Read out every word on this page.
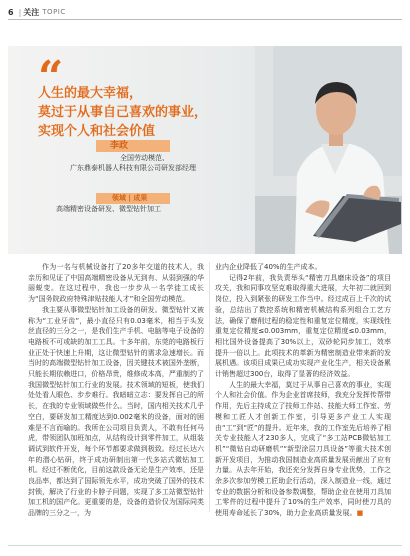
6 | 关注 TOPIC
“
人生的最大幸福，
莫过于从事自己喜欢的事业，
实现个人和社会价值
李政
全国劳动模范、
广东鼎泰机器人科技有限公司研发部经理
领域 | 成果
高端精密设备研发、微型钻针加工

作为一名与机械设备打了20多年交道的技术人，我亲历和见证了中国高端精密设备从无到有、从弱到强的华丽蜕变。在这过程中，我也一步步从一名学徒工成长为“国务院政府特殊津贴技能人才”和全国劳动模范。

我主要从事微型钻针加工设备的研发。微型钻针又被称为“工业牙齿”，最小直径只有0.03毫米，相当于头发丝直径的三分之一，是我们生产手机、电脑等电子设备的电路板不可或缺的加工工具。十多年前，东莞的电路板行业正处于快速上升期，这让微型钻针的需求急速增长。而当时的高端微型钻针加工设备，因关键技术被国外垄断，只能长期依赖进口，价格昂贵，维修成本高，严重制约了我国微型钻针加工行业的发展。技术领域的短板，使我们处处看人眼色、步步难行。我暗暗立志：要发挥自己的所长，在我的专业领域做些什么。当时，国内相关技术几乎空白，要研发加工精度达到0.002毫米的设备，面对的困难是不言而喻的。我所在公司项目负责人，不敢有任何马虎，带领团队加班加点，从结构设计到零件加工，从组装调试到软件开发，每个环节都要求做到极致。经过长达六年的潜心钻研，终于成功研制出第一代多站式微钻加工机。经过不断优化，目前这款设备无论是生产效率，还是良品率，都达到了国际领先水平，成功突破了国外的技术封锁，解决了行业的卡脖子问题，实现了多工站微型钻针加工机的国产化。更重要的是，设备的造价仅为国际同类品牌的三分之一，为

业内企业降低了40%的生产成本。

记得2年前，我负责举头“精密刀具磨床设备”的项目攻关，我和同事攻坚克难取得重大进展，大年初二就回到岗位，投入到紧张的研发工作当中。经过成百上千次的试验，总结出了数控系统和精密机械结构系列组合工艺方法，确保了磨削过程的稳定性和重复定位精度，实现线性重复定位精度≤0.003mm，重复定位精度≤0.03mm，相比国外设备提高了30%以上，双砂轮同步加工，效率提升一倍以上。此项技术的革新为精密制造业带来新的发展机遇。该项目成果已成功实现产业化生产，相关设备累计销售超过300台，取得了显著的经济效益。

人生的最大幸福，莫过于从事自己喜欢的事业，实现个人和社会价值。作为企业首席技师，我充分发挥传帮带作用，先后主持成立了技师工作站、技能大师工作室、劳模和工匠人才创新工作室，引导更多产业工人实现由“工”到“匠”的提升。近年来，我的工作室先后培养了相关专业技能人才230多人，完成了“多工站PCB微钻加工机”“微钻自动研磨机”“新型涂层刀具设备”等重大技术创新开发项目，为推动我国制造业高质量发展贡献出了应有力量。从去年开始，我还充分发挥自身专业优势，工作之余多次参加劳模工匠助企行活动，深入制造业一线，通过专业的数据分析和设备参数调整，帮助企业在使用刀具加工零件的过程中提升了10%的生产效率，同时使刀具的使用寿命延长了30%，助力企业高质量发展。■
